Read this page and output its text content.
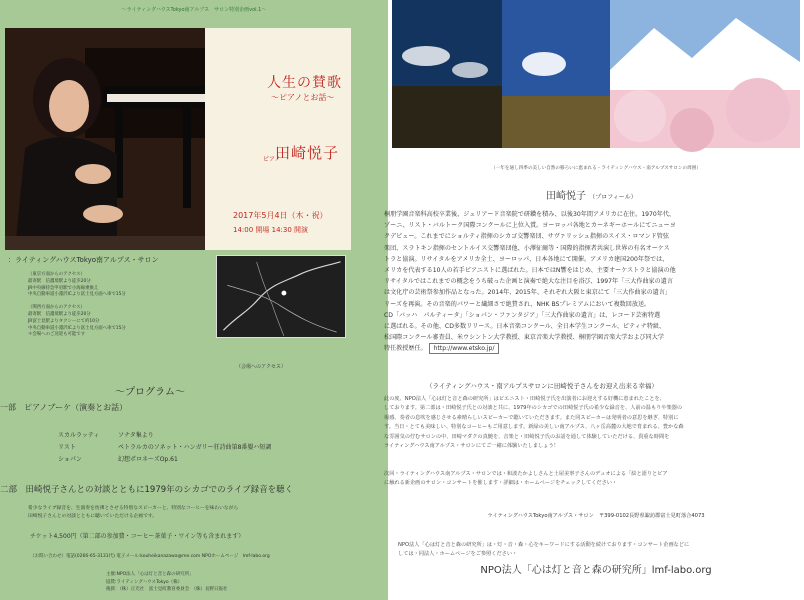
〜ライティングハウスTokyo南アルプス　サロン特別企画vol.1〜
人生の賛歌
〜ピアノとお話〜
ピアノ
田崎悦子
2017年5月4日（木・祝）
14:00 開場 14:30 開演
：ライティングハウスTokyo南アルプス・サロン
（東京方面からのアクセス）
最寄駅　信濃境駅より徒歩20分
JR中央線特急甲府駅で小海線乗換え
中央自動車道小淵沢ICより富士見方面へ車で15分
（関西方面からのアクセス）
最寄駅　信濃境駅より徒歩20分
JR富士見駅よりタクシーにて約10分
中央自動車道小淵沢ICより富士見方面へ車で15分
＊会場へのご送迎も可能です
（会場へのアクセス）
〜プログラム〜
一部　ピアノブーケ（演奏とお話）
スカルラッティ
リスト
ショパン
ソナタ集より
ペトラルカのソネット・ハンガリー狂詩曲第8番嬰ハ短調
幻想ポロネーズOp.61
二部　田崎悦子さんとの対談とともに1979年のシカゴでのライブ録音を聴く
希少なライブ録音を、生演奏を彷彿とさせる特別なスピーカーと、特別なコーヒーを味わいながら
田崎悦子さんとの対談とともに聴いていただける企画です。
チケット4,500円（第二部の参加費・コーヒー茶菓子・ワイン等も含まれます）
（お問い合わせ）電話(0266-65-3131代) 電子メール:kouheikanazawa@me.com NPOホームページ　lmf-labo.org
主催:NPO法人「心は灯と音と森の研究所」
協賛:ライティングハウスTokyo（株）
後援：（株）正光社　富士見町教育委員会　（株）長野日報社
（一年を通し四季の美しい自然の移ろいに恵まれる・ライティングハウス・南アルプスサロンの周囲）
田崎悦子 （プロフィール）
桐朋学園音楽科高校卒業後、ジュリアード音楽院で研鑽を積み、以後30年間アメリカに在住。1970年代、
ゾーニ、リスト・バルトーク国際コンクールに上位入賞。ヨーロッパ各地とカーネギーホールにてニューヨ
クデビュー。これまでにショルティ指揮のシカゴ交響楽団、サヴァリッシュ指揮のスイス・ロマンド管弦
楽団、スラトキン指揮のセントルイス交響楽団他、小澤征爾等・国際的指揮者共演し世界の有名オーケス
トラと協演。リサイタルをアメリカ全土、ヨーロッパ、日本各地にて開催。アメリカ建国200年祭では、
メリカを代表する10人の若手ピアニストに選ばれた。日本ではN響をはじめ、主要オーケストラと協演の他
リサイタルではこれまでの概念をうち破った企画と演奏で絶大な注目を浴び、1997年「三大作曲家の遺言
は文化庁の芸術祭参加作品となった。2014年、2015年、それぞれ大阪と東京にて「三大作曲家の遺言」
リーズを再演。その音楽的パワーと繊細さで絶賛され、NHK BSプレミアムにおいて複数回放送。
CD「バッハ　パルティータ」「ショパン・ファンタジア」「三大作曲家の遺言」は、レコード芸術特選
に選ばれる。その他、CD多数リリース。日本音楽コンクール、全日本学生コンクール、ピティナ特級、
松国際コンクール審査員、米ウシントン大学教授、東京音楽大学教授、桐朋学園音楽大学および同大学
特任教授歴任。 http://www.etsko.jp/
（ライティングハウス・南アルプスサロンに田崎悦子さんをお迎え出来る幸福）
此の度、NPO法人「心は灯と音と森の研究所」はピエニスト・田崎悦子氏を出演者にお迎えする好機に恵まれたことを、
しております。第二部は・田崎悦子氏との対談と共に、1979年のシカゴでの田崎悦子氏の希少な録音を、人前の温もりや楽器の
場感、奏者の息吹を感じさせる素晴らしいスピーカーで聴いていただきます。また同スピーカーは発明者の意思を継ぎ、特別に
す。当日・とても美味しい、特別なコーヒーもご用意します。新緑の美しい南アルプス、八ヶ岳高麓の大地で育まれる、豊かな森
な雰囲気の佇むサロンの中、田崎マダクの真髄を、音楽と・田崎悦子氏のお話を通して体験していただける、貴重な時間を
ライティングハウス南アルプス・サロンにてご一緒に体験いたしましょう！
次回・ライティングハウス南アルプス・サロンでは・和波たかよしさんと土屋美寧子さんのデュオによる「絵と語りとピア
に触れる新企画のサロン・コンサートを催します・詳細は・ホームページをチェックしてください・
ライティングハウスTokyo南アルプス・サロン　〒399-0102長野県諏訪郡富士見町落合4073
NPO法人「心は灯と音と森の研究所」は・灯・音・森・心をキーワードにする活動を続けております・コンサート企画などに
しては・同法人・ホームページをご参照ください・
NPO法人「心は灯と音と森の研究所」lmf-labo.org
